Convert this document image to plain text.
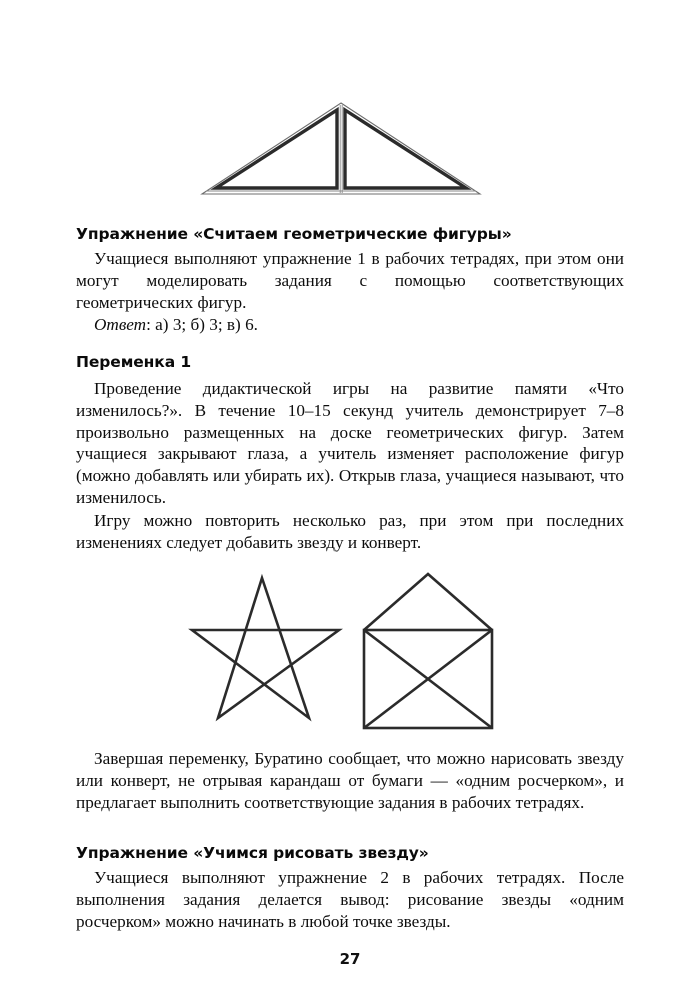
Упражнение «Считаем геометрические фигуры»

Учащиеся выполняют упражнение 1 в рабочих тетрадях, при этом они могут моделировать задания с помощью соответствующих геометрических фигур.

Ответ: а) 3; б) 3; в) 6.

Переменка 1

Проведение дидактической игры на развитие памяти «Что изменилось?». В течение 10–15 секунд учитель демонстрирует 7–8 произвольно размещенных на доске геометрических фигур. Затем учащиеся закрывают глаза, а учитель изменяет расположение фигур (можно добавлять или убирать их). Открыв глаза, учащиеся называют, что изменилось.

Игру можно повторить несколько раз, при этом при последних изменениях следует добавить звезду и конверт.

Завершая переменку, Буратино сообщает, что можно нарисовать звезду или конверт, не отрывая карандаш от бумаги — «одним росчерком», и предлагает выполнить соответствующие задания в рабочих тетрадях.

Упражнение «Учимся рисовать звезду»

Учащиеся выполняют упражнение 2 в рабочих тетрадях. После выполнения задания делается вывод: рисование звезды «одним росчерком» можно начинать в любой точке звезды.

27
